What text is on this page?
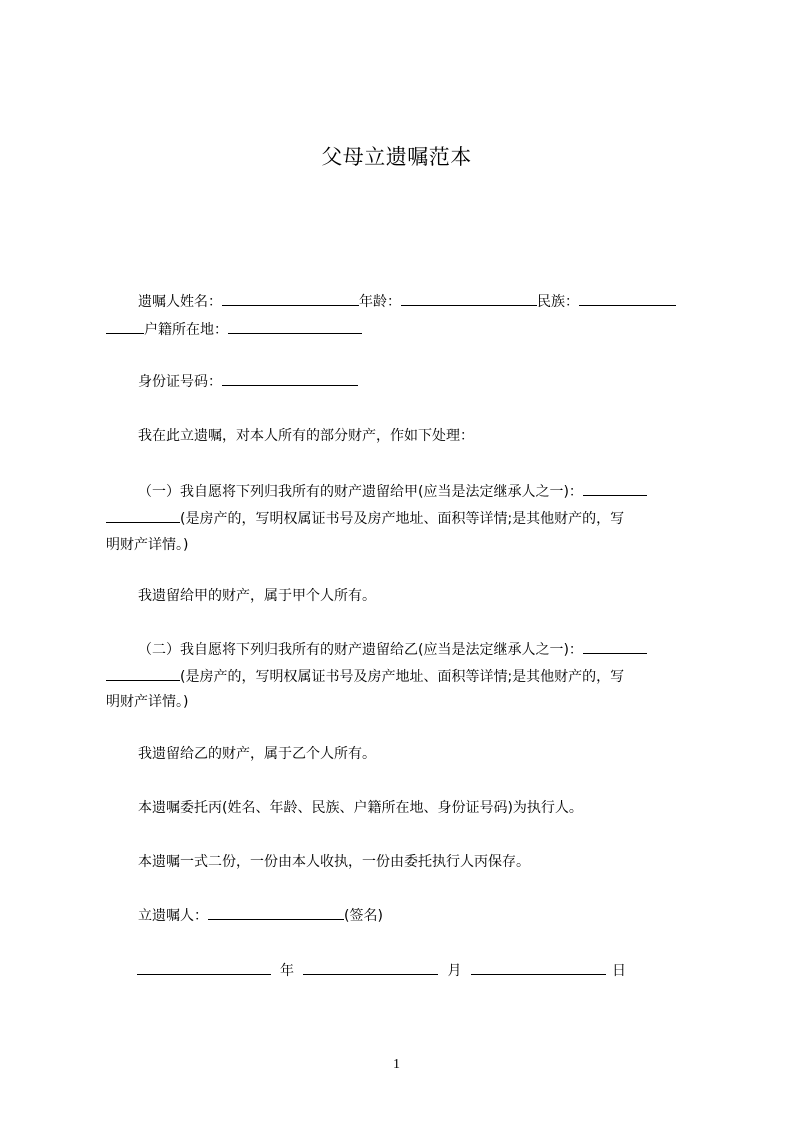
父母立遗嘱范本
遗嘱人姓名：	年龄：	民族：
户籍所在地：
身份证号码：
我在此立遗嘱，对本人所有的部分财产，作如下处理：
（一）我自愿将下列归我所有的财产遗留给甲(应当是法定继承人之一)：
(是房产的，写明权属证书号及房产地址、面积等详情;是其他财产的，写
明财产详情。)
我遗留给甲的财产，属于甲个人所有。
（二）我自愿将下列归我所有的财产遗留给乙(应当是法定继承人之一)：
(是房产的，写明权属证书号及房产地址、面积等详情;是其他财产的，写
明财产详情。)
我遗留给乙的财产，属于乙个人所有。
本遗嘱委托丙(姓名、年龄、民族、户籍所在地、身份证号码)为执行人。
本遗嘱一式二份，一份由本人收执，一份由委托执行人丙保存。
立遗嘱人：	(签名)
年	月	日
1
